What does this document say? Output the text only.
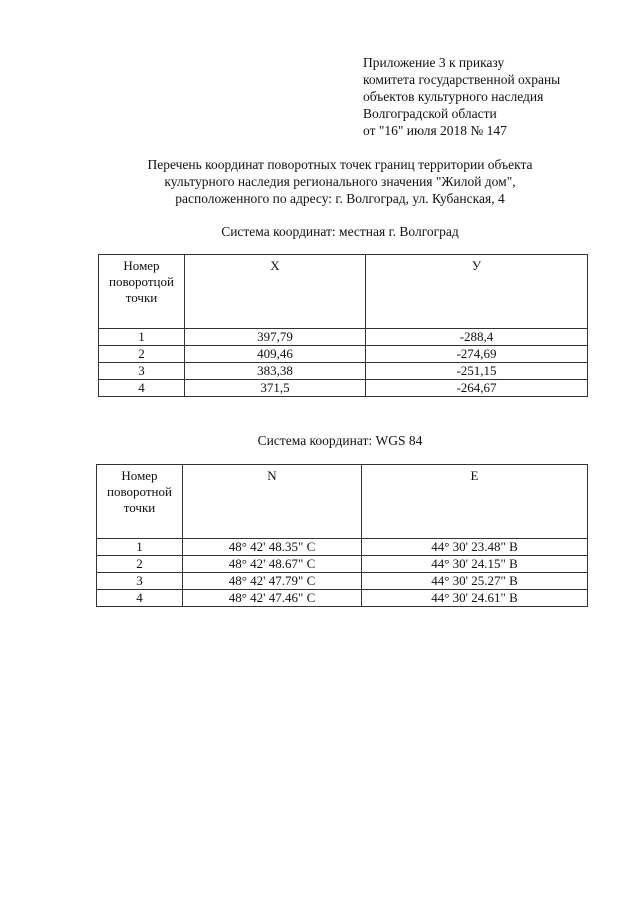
Приложение 3 к приказу
комитета государственной охраны
объектов культурного наследия
Волгоградской области
от "16" июля 2018 № 147
Перечень координат поворотных точек границ территории объекта
культурного наследия регионального значения "Жилой дом",
расположенного по адресу: г. Волгоград, ул. Кубанская, 4
Система координат: местная г. Волгоград
Номер поворотцой точки	X	У
1	397,79	-288,4
2	409,46	-274,69
3	383,38	-251,15
4	371,5	-264,67
Система координат: WGS 84
Номер поворотной точки	N	E
1	48° 42' 48.35" С	44° 30' 23.48" В
2	48° 42' 48.67" С	44° 30' 24.15" В
3	48° 42' 47.79" С	44° 30' 25.27" В
4	48° 42' 47.46" С	44° 30' 24.61" В
